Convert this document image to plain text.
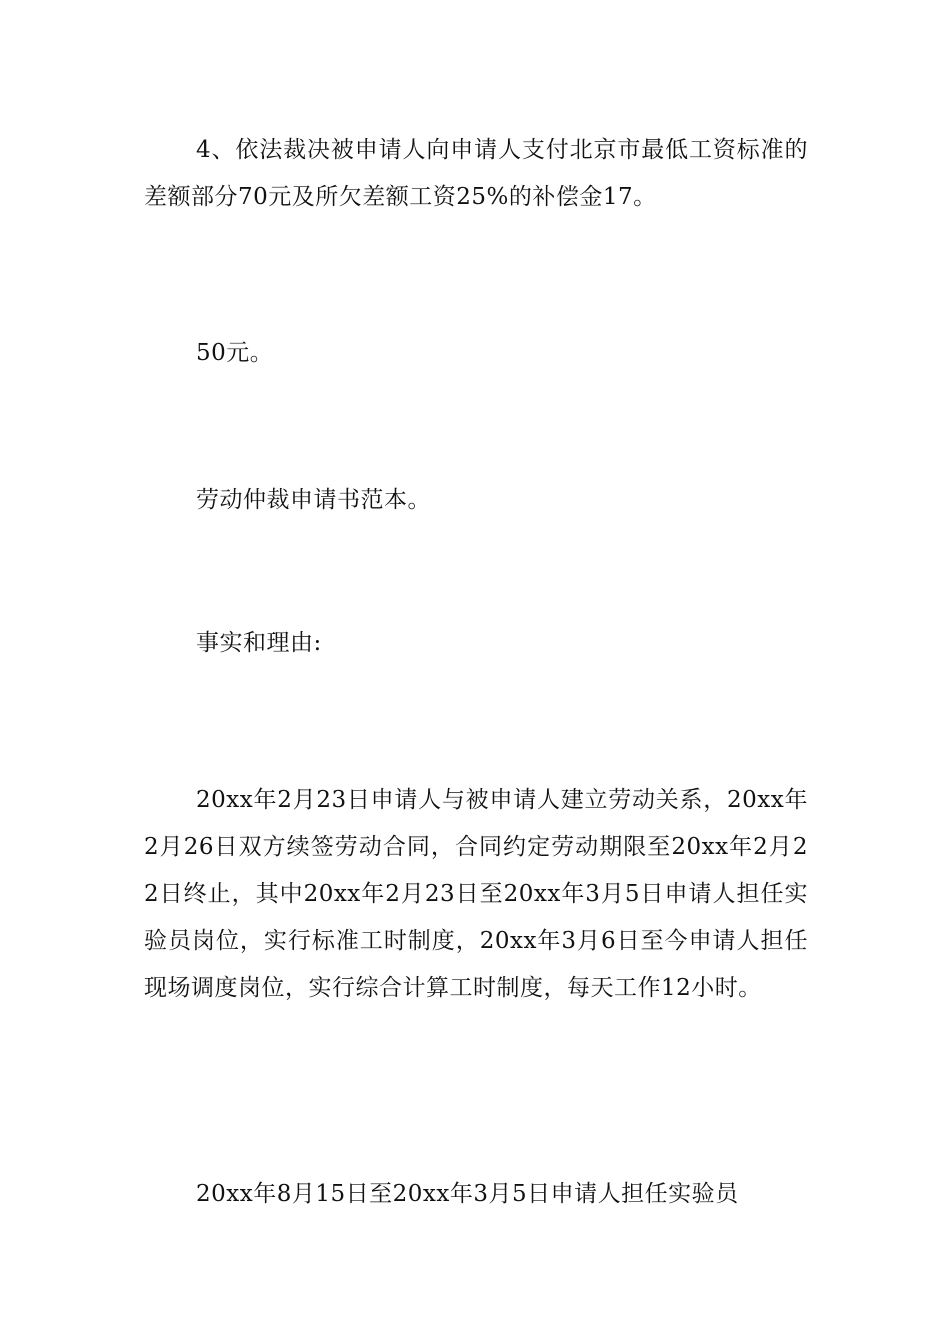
4、依法裁决被申请人向申请人支付北京市最低工资标准的差额部分70元及所欠差额工资25%的补偿金17。

50元。

劳动仲裁申请书范本。

事实和理由:

20xx年2月23日申请人与被申请人建立劳动关系，20xx年2月26日双方续签劳动合同，合同约定劳动期限至20xx年2月22日终止，其中20xx年2月23日至20xx年3月5日申请人担任实验员岗位，实行标准工时制度，20xx年3月6日至今申请人担任现场调度岗位，实行综合计算工时制度，每天工作12小时。

20xx年8月15日至20xx年3月5日申请人担任实验员
